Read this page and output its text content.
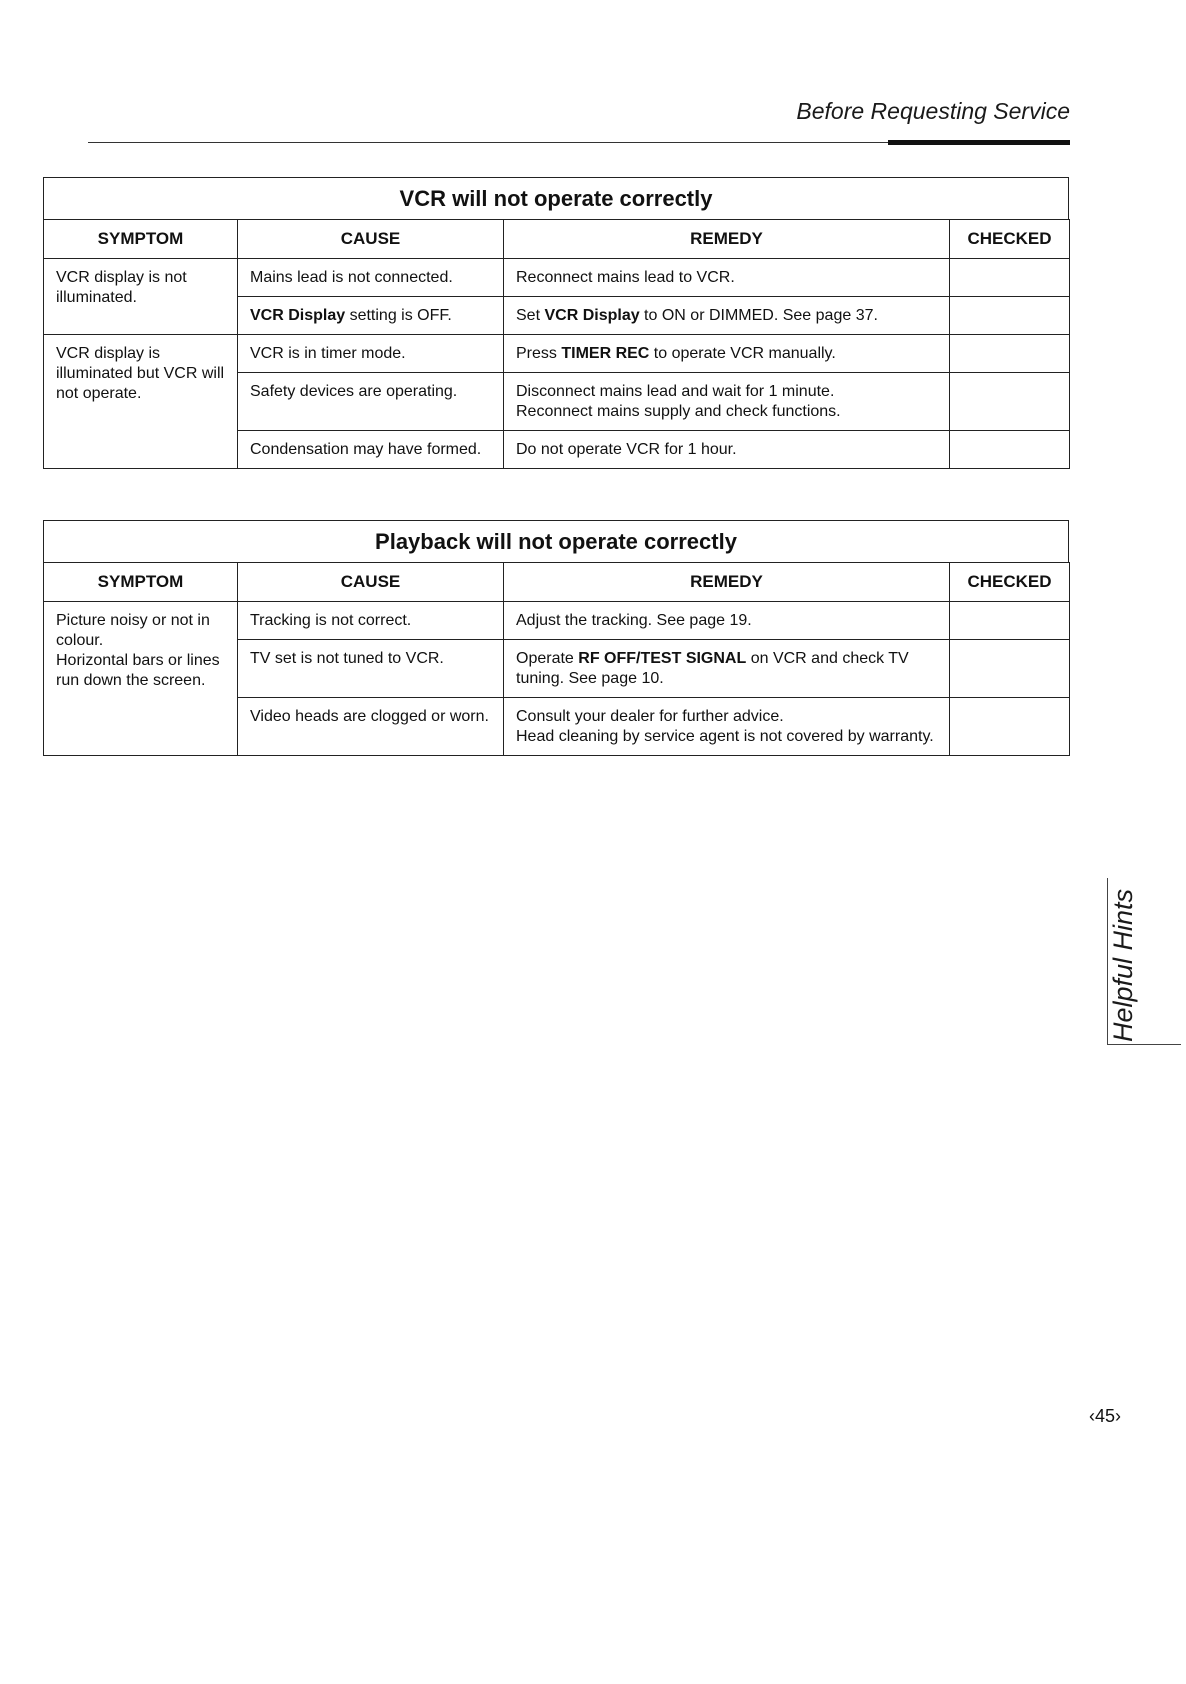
Before Requesting Service
VCR will not operate correctly
SYMPTOM	CAUSE	REMEDY	CHECKED
VCR display is not illuminated.	Mains lead is not connected.	Reconnect mains lead to VCR.	
	VCR Display setting is OFF.	Set VCR Display to ON or DIMMED. See page 37.	
VCR display is illuminated but VCR will not operate.	VCR is in timer mode.	Press TIMER REC to operate VCR manually.	
	Safety devices are operating.	Disconnect mains lead and wait for 1 minute.
Reconnect mains supply and check functions.	

	Condensation may have formed.	Do not operate VCR for 1 hour.	
Playback will not operate correctly
SYMPTOM	CAUSE	REMEDY	CHECKED

Picture noisy or not in colour.
Horizontal bars or lines run down the screen.	Tracking is not correct.	Adjust the tracking. See page 19.	
	TV set is not tuned to VCR.	Operate RF OFF/TEST SIGNAL on VCR and check TV tuning. See page 10.	
	Video heads are clogged or worn.	Consult your dealer for further advice.
Head cleaning by service agent is not covered by warranty.	

Helpful Hints
‹45›
